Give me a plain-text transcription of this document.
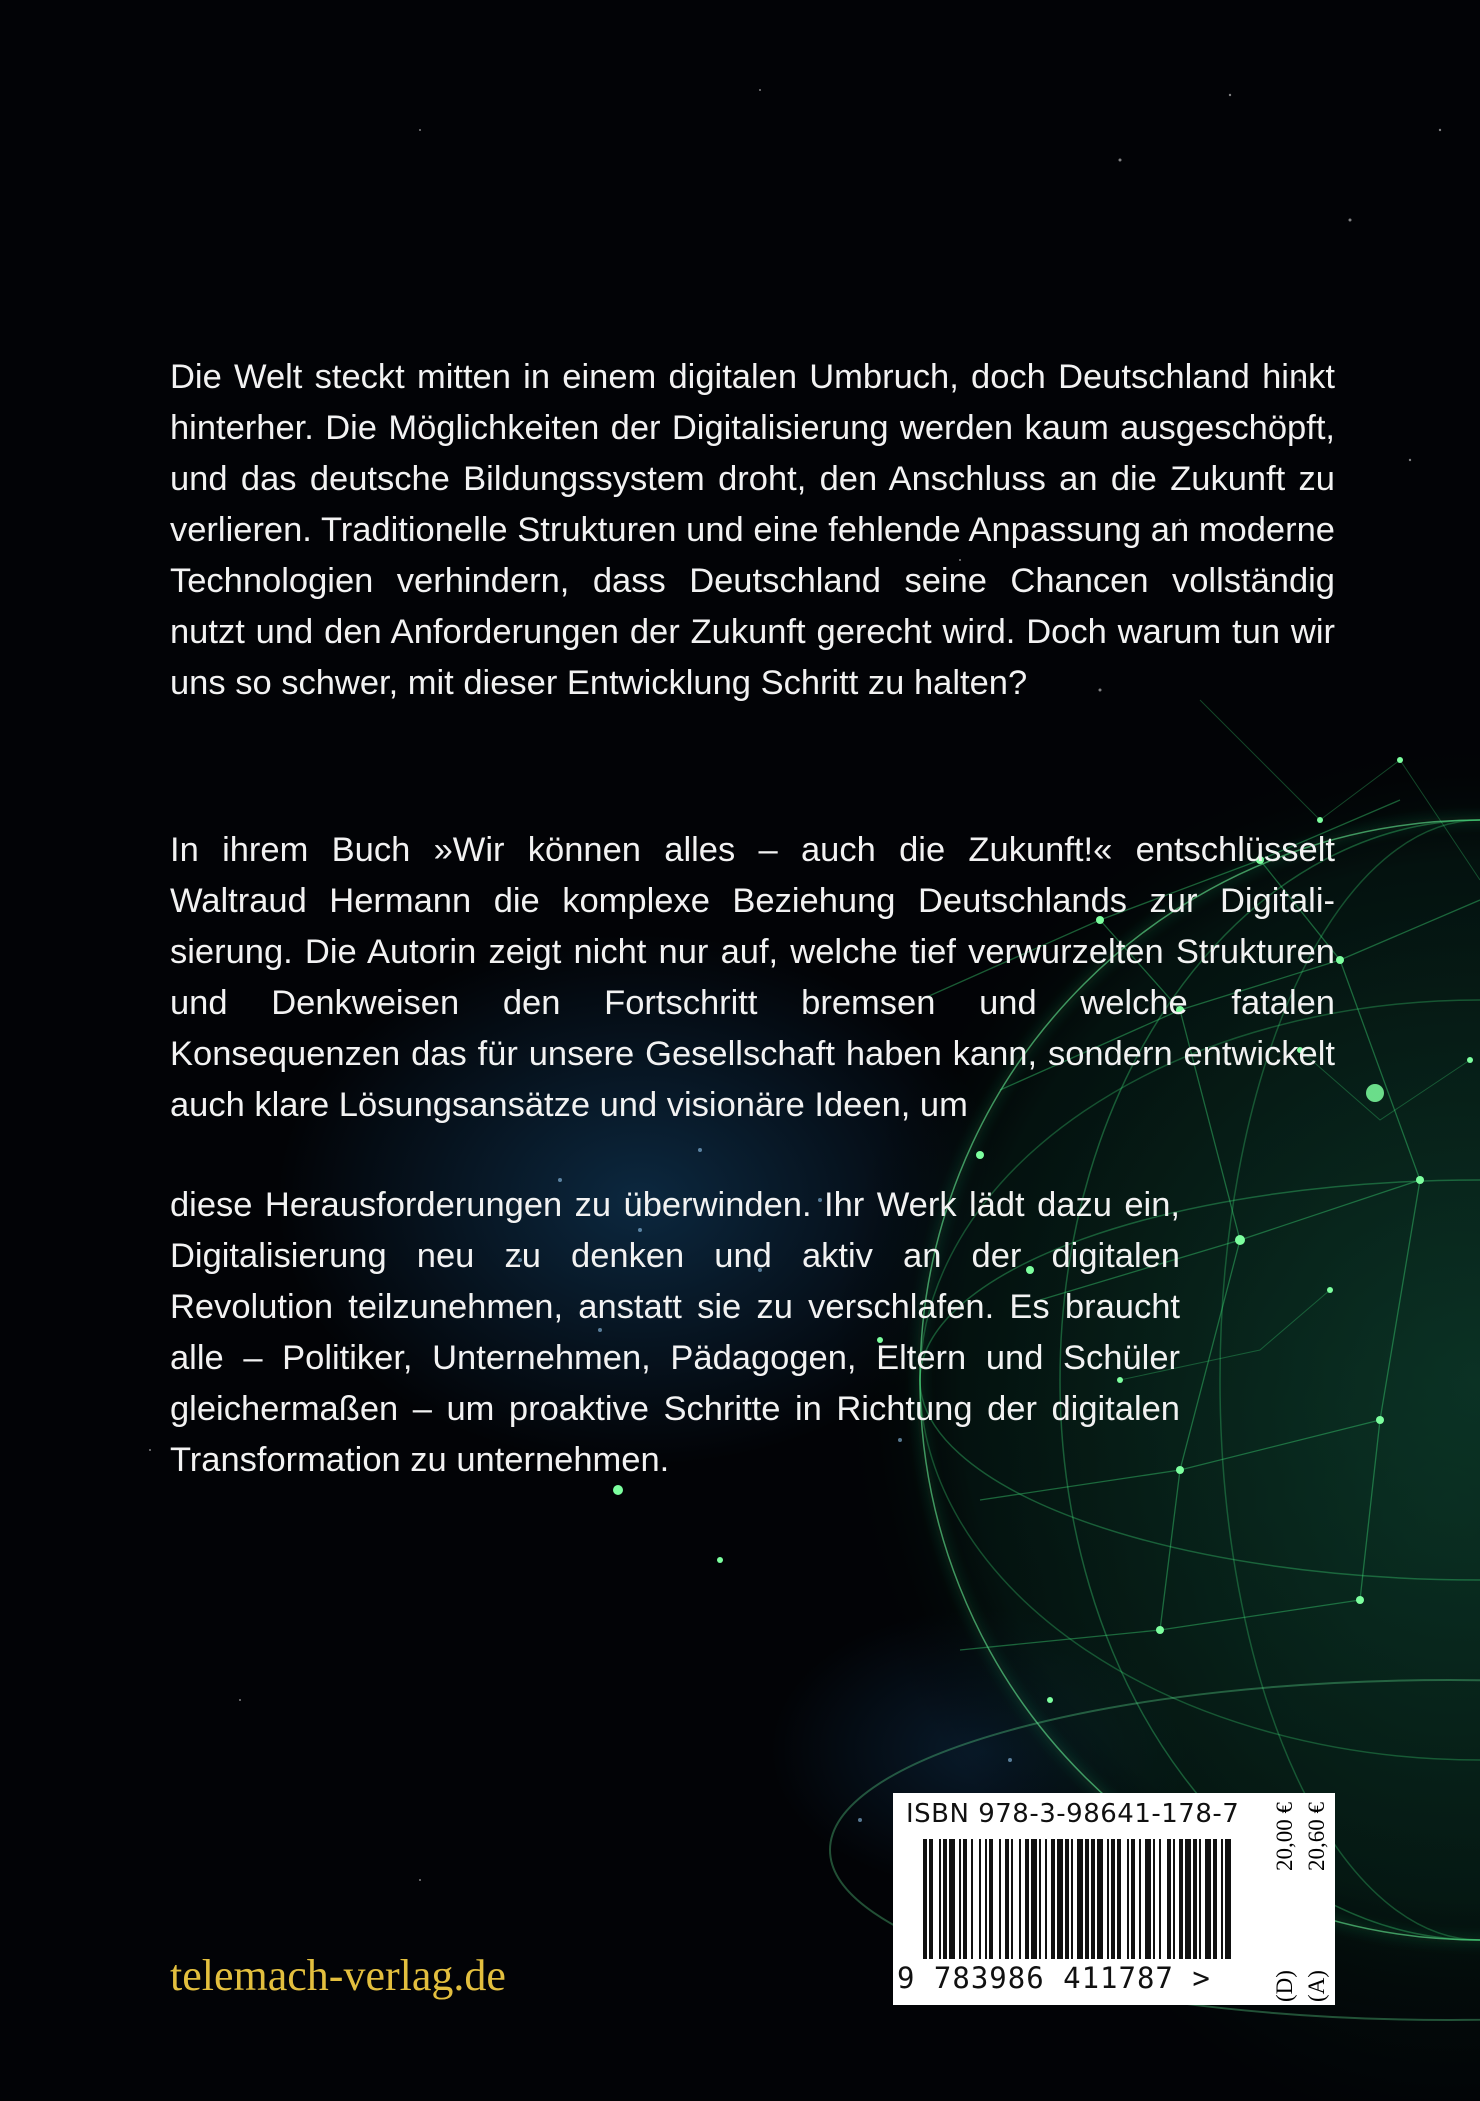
Die Welt steckt mitten in einem digitalen Umbruch, doch Deutschland hinkt hinterher. Die Möglichkeiten der Digitalisierung werden kaum ausgeschöpft, und das deutsche Bildungssystem droht, den Anschluss an die Zukunft zu verlieren. Traditionelle Strukturen und eine fehlende Anpassung an moderne Technologien verhindern, dass Deutschland seine Chancen vollständig nutzt und den Anforderungen der Zukunft gerecht wird. Doch warum tun wir uns so schwer, mit dieser Entwicklung Schritt zu halten?

In ihrem Buch »Wir können alles – auch die Zukunft!« entschlüsselt Waltraud Hermann die komplexe Beziehung Deutschlands zur Digitalisierung. Die Autorin zeigt nicht nur auf, welche tief verwurzelten Strukturen und Denkweisen den Fortschritt bremsen und welche fatalen Konsequenzen das für unsere Gesellschaft haben kann, sondern entwickelt auch klare Lösungsansätze und visionäre Ideen, um

diese Herausforderungen zu überwinden. Ihr Werk lädt dazu ein, Digitalisierung neu zu denken und aktiv an der digitalen Revolution teilzunehmen, anstatt sie zu verschlafen. Es braucht alle – Politiker, Unternehmen, Pädagogen, Eltern und Schüler gleichermaßen – um proaktive Schritte in Richtung der digitalen Transformation zu unternehmen.

telemach-verlag.de
ISBN 978-3-98641-178-7
9 783986 411787 >	(D)
20,00 €
(A)
20,60 €
